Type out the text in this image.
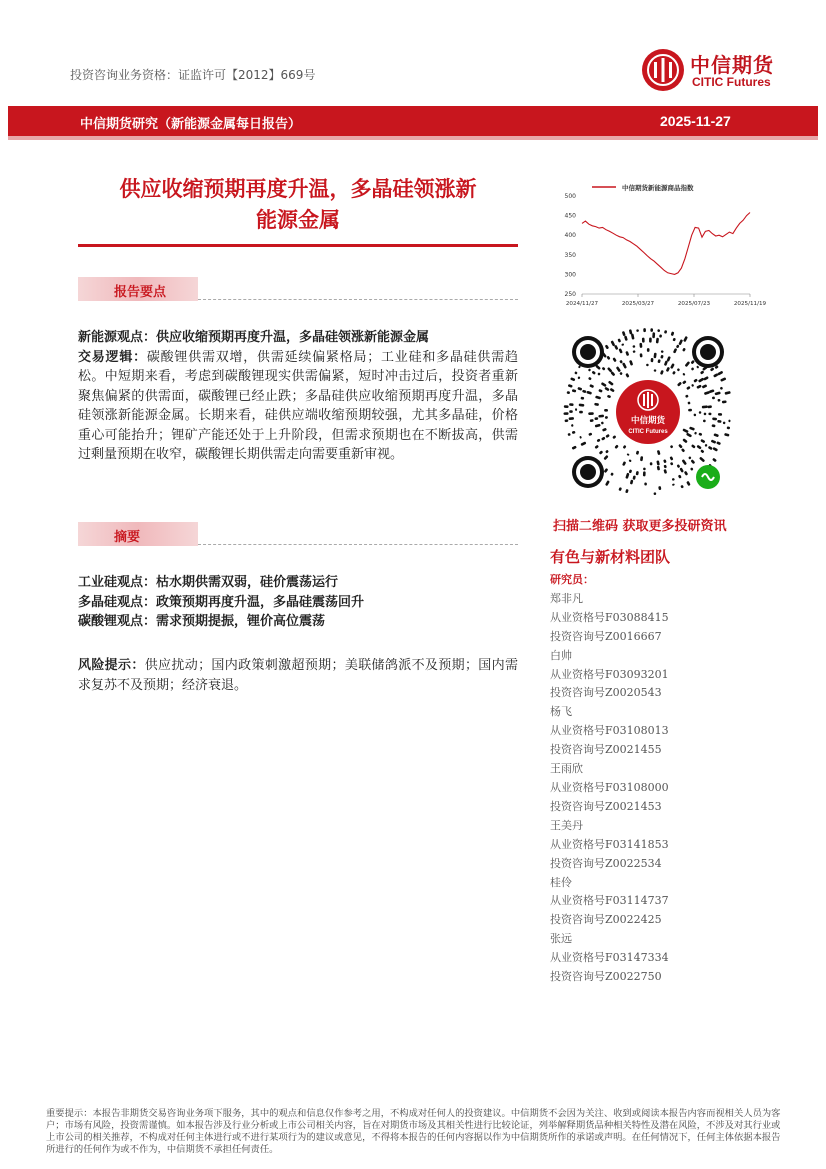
投资咨询业务资格：证监许可【2012】669号	中信期货
CITIC Futures
中信期货研究（新能源金属每日报告）	2025-11-27
供应收缩预期再度升温，多晶硅领涨新
能源金属
250
300
350
400
450
500
2024/11/27	2025/03/27	2025/07/23	2025/11/19
中信期货新能源商品指数
报告要点
新能源观点：供应收缩预期再度升温，多晶硅领涨新能源金属
交易逻辑：碳酸锂供需双增，供需延续偏紧格局；工业硅和多晶硅供需趋松。中短期来看，考虑到碳酸锂现实供需偏紧，短时冲击过后，投资者重新聚焦偏紧的供需面，碳酸锂已经止跌；多晶硅供应收缩预期再度升温，多晶硅领涨新能源金属。长期来看，硅供应端收缩预期较强，尤其多晶硅，价格重心可能抬升；锂矿产能还处于上升阶段，但需求预期也在不断拔高，供需过剩量预期在收窄，碳酸锂长期供需走向需要重新审视。
摘要
工业硅观点：枯水期供需双弱，硅价震荡运行
多晶硅观点：政策预期再度升温，多晶硅震荡回升
碳酸锂观点：需求预期提振，锂价高位震荡
风险提示：供应扰动；国内政策刺激超预期；美联储鸽派不及预期；国内需求复苏不及预期；经济衰退。
中信期货
CITIC Futures
扫描二维码 获取更多投研资讯
有色与新材料团队
研究员：
郑非凡
从业资格号F03088415
投资咨询号Z0016667
白帅
从业资格号F03093201
投资咨询号Z0020543
杨飞
从业资格号F03108013
投资咨询号Z0021455
王雨欣
从业资格号F03108000
投资咨询号Z0021453
王美丹
从业资格号F03141853
投资咨询号Z0022534
桂伶
从业资格号F03114737
投资咨询号Z0022425
张远
从业资格号F03147334
投资咨询号Z0022750
重要提示：本报告非期货交易咨询业务项下服务，其中的观点和信息仅作参考之用，不构成对任何人的投资建议。中信期货不会因为关注、收到或阅读本报告内容而视相关人员为客户；市场有风险，投资需谨慎。如本报告涉及行业分析或上市公司相关内容，旨在对期货市场及其相关性进行比较论证，列举解释期货品种相关特性及潜在风险，不涉及对其行业或上市公司的相关推荐，不构成对任何主体进行或不进行某项行为的建议或意见，不得将本报告的任何内容据以作为中信期货所作的承诺或声明。在任何情况下，任何主体依据本报告所进行的任何作为或不作为，中信期货不承担任何责任。
